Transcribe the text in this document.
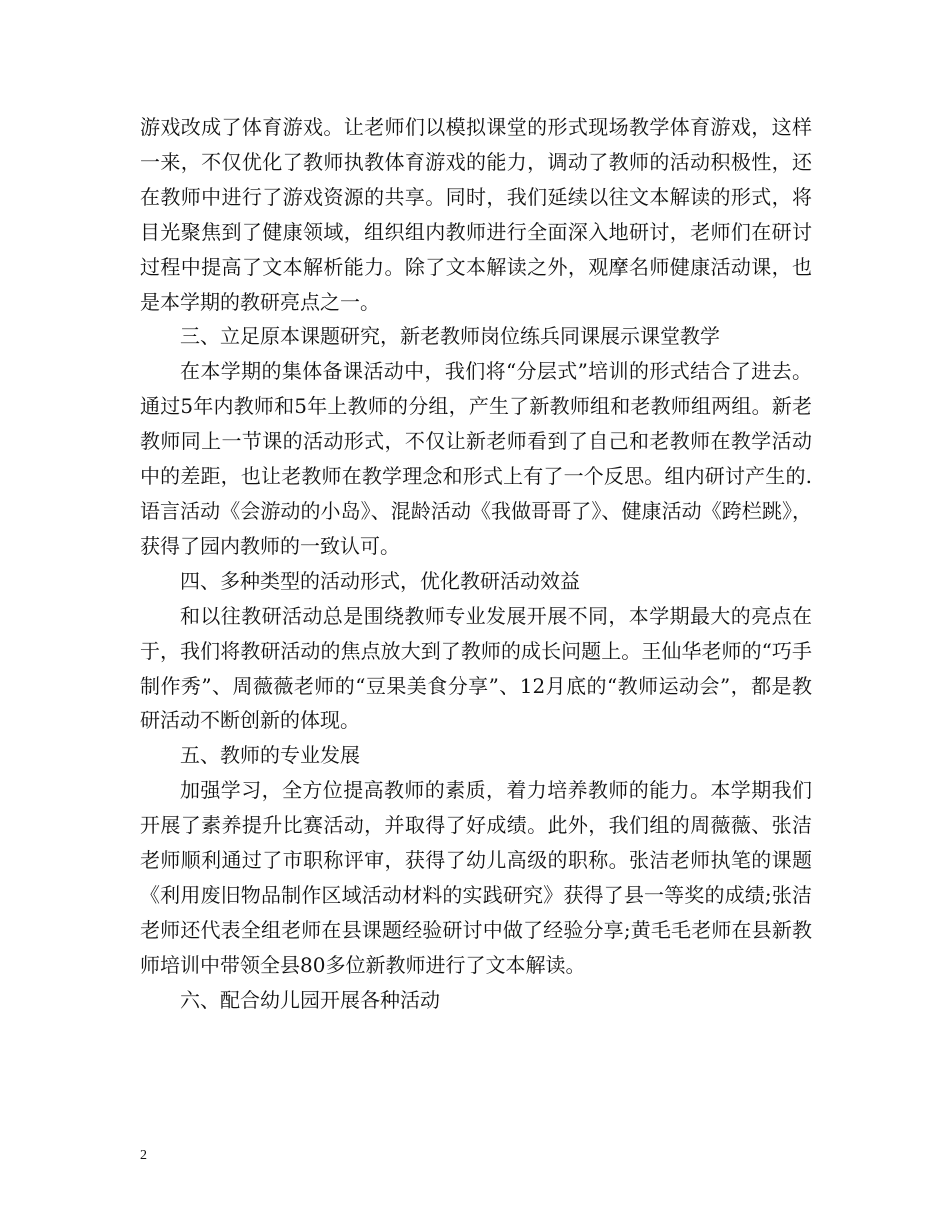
游戏改成了体育游戏。让老师们以模拟课堂的形式现场教学体育游戏，这样一来，不仅优化了教师执教体育游戏的能力，调动了教师的活动积极性，还在教师中进行了游戏资源的共享。同时，我们延续以往文本解读的形式，将目光聚焦到了健康领域，组织组内教师进行全面深入地研讨，老师们在研讨过程中提高了文本解析能力。除了文本解读之外，观摩名师健康活动课，也是本学期的教研亮点之一。

三、立足原本课题研究，新老教师岗位练兵同课展示课堂教学

在本学期的集体备课活动中，我们将“分层式”培训的形式结合了进去。通过5年内教师和5年上教师的分组，产生了新教师组和老教师组两组。新老教师同上一节课的活动形式，不仅让新老师看到了自己和老教师在教学活动中的差距，也让老教师在教学理念和形式上有了一个反思。组内研讨产生的.语言活动《会游动的小岛》、混龄活动《我做哥哥了》、健康活动《跨栏跳》，获得了园内教师的一致认可。

四、多种类型的活动形式，优化教研活动效益

和以往教研活动总是围绕教师专业发展开展不同，本学期最大的亮点在于，我们将教研活动的焦点放大到了教师的成长问题上。王仙华老师的“巧手制作秀”、周薇薇老师的“豆果美食分享”、12月底的“教师运动会”，都是教研活动不断创新的体现。

五、教师的专业发展

加强学习，全方位提高教师的素质，着力培养教师的能力。本学期我们开展了素养提升比赛活动，并取得了好成绩。此外，我们组的周薇薇、张洁老师顺利通过了市职称评审，获得了幼儿高级的职称。张洁老师执笔的课题《利用废旧物品制作区域活动材料的实践研究》获得了县一等奖的成绩;张洁老师还代表全组老师在县课题经验研讨中做了经验分享;黄毛毛老师在县新教师培训中带领全县80多位新教师进行了文本解读。

六、配合幼儿园开展各种活动

2
